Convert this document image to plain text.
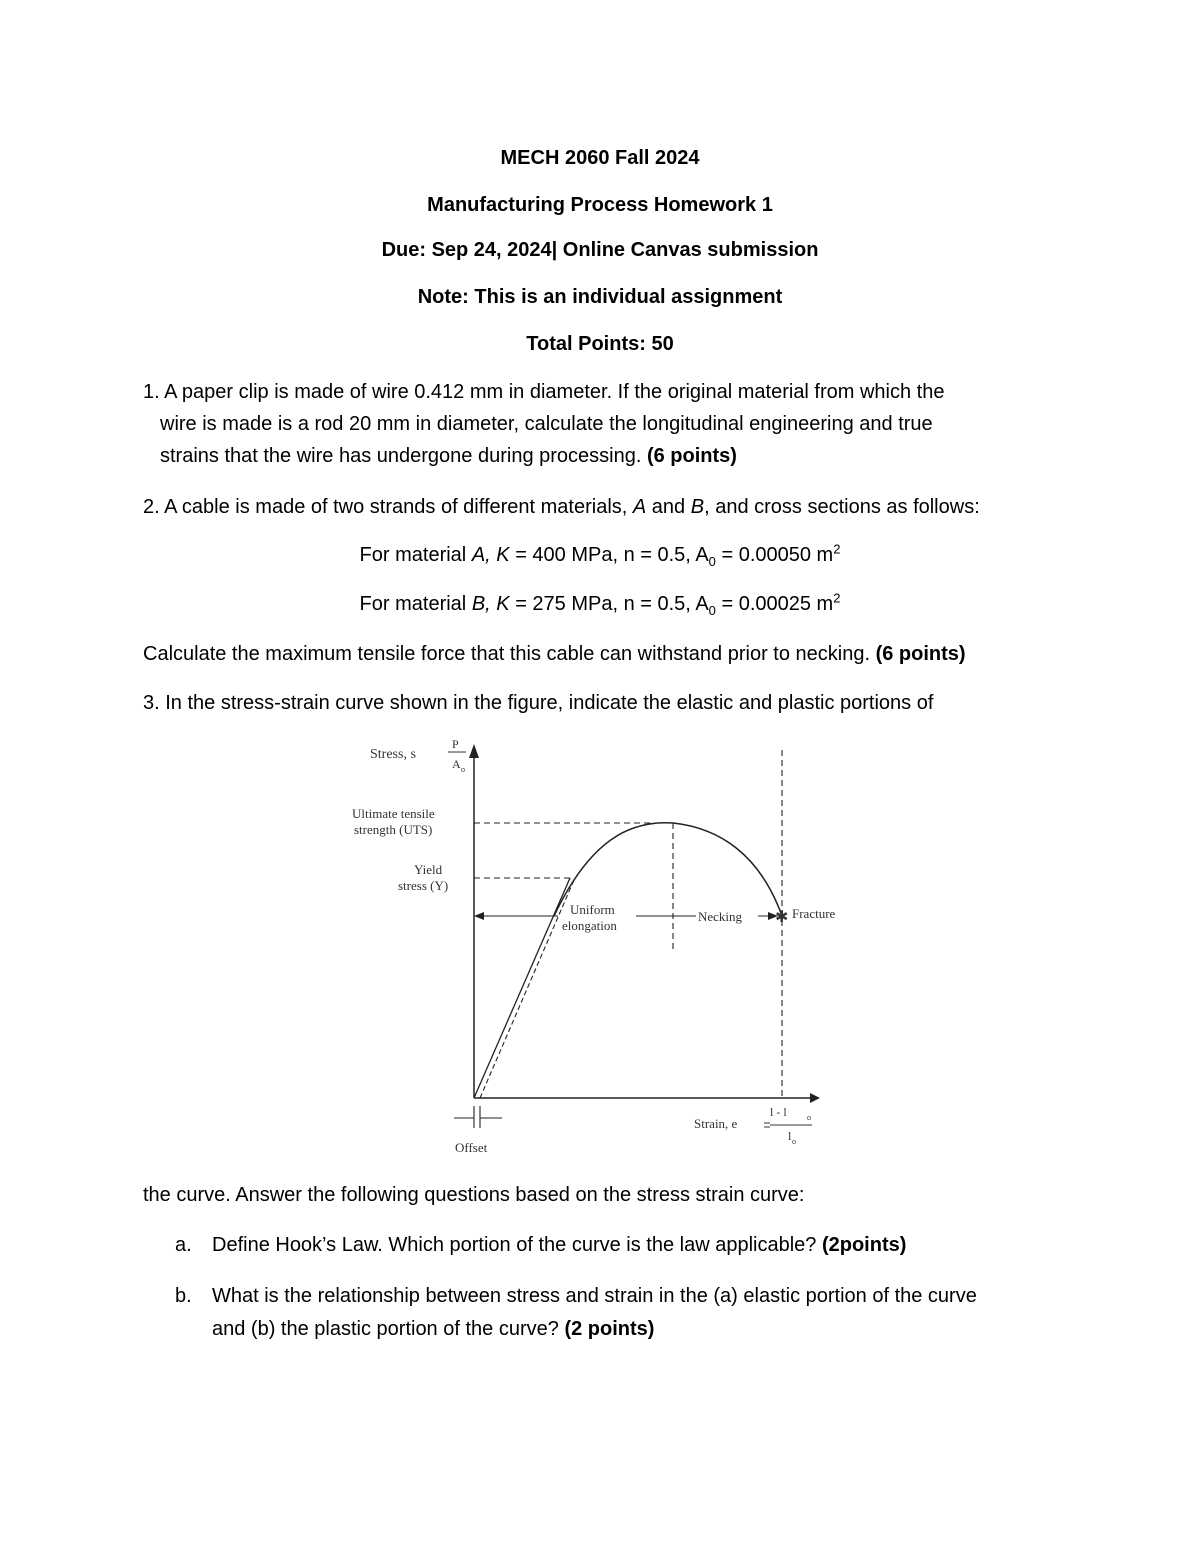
MECH 2060 Fall 2024
Manufacturing Process Homework 1
Due: Sep 24, 2024| Online Canvas submission
Note: This is an individual assignment
Total Points: 50
1. A paper clip is made of wire 0.412 mm in diameter. If the original material from which the
wire is made is a rod 20 mm in diameter, calculate the longitudinal engineering and true
strains that the wire has undergone during processing. (6 points)
2. A cable is made of two strands of different materials, A and B, and cross sections as follows:
For material A, K = 400 MPa, n = 0.5, $A_0 = 0.00050$ $m^2$
For material B, K = 275 MPa, n = 0.5, $A_0 = 0.00025$ $m^2$
Calculate the maximum tensile force that this cable can withstand prior to necking. (6 points)
3. In the stress-strain curve shown in the figure, indicate the elastic and plastic portions of
✱
Stress, s
P
A o
Ultimate tensile
strength (UTS)
Yield
stress (Y)
Uniform
elongation
Necking	Fracture
Offset
Strain, e
l - l	o
l o
the curve. Answer the following questions based on the stress strain curve:
a. Define Hook’s Law. Which portion of the curve is the law applicable? (2points)
b. What is the relationship between stress and strain in the (a) elastic portion of the curve
and (b) the plastic portion of the curve? (2 points)
